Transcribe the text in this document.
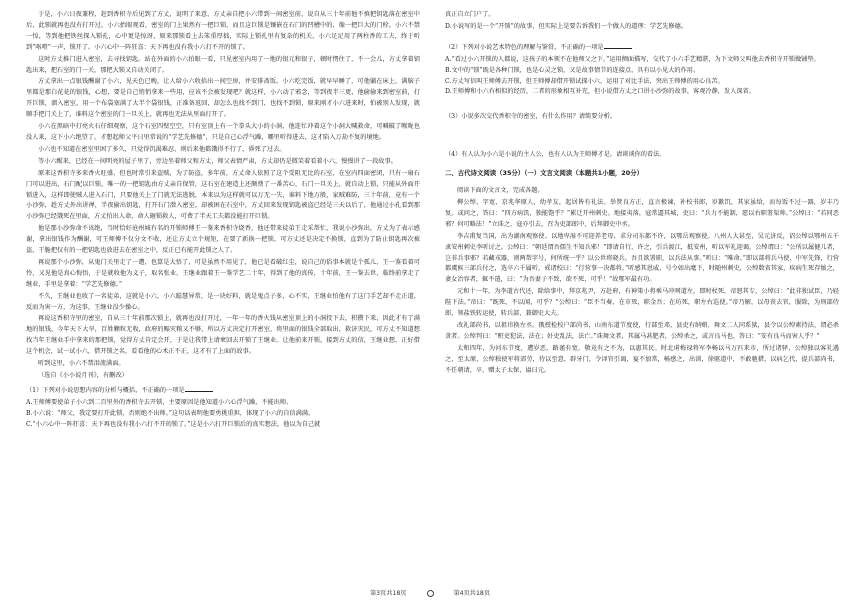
于是，小六日夜兼程，赶到香积寺后见到了方丈，说明了来意，方丈亲自把小六带到一间密室前，说自从三十年前他不慎把钥匙落在密室中后，此锁就再也没有打开过。小六抬眼观看，密室的门上果然有一把巨锁，而且这巨锁是镶嵌在石门的凹槽中的，像一把巨大的门栓。小六不禁一惊，等到他把铁丝探入锁孔，心中更是惊讶，原来那锁看上去笨重厚拙，实际上锁孔里有复杂的机关，小六足足用了两柱香的工夫，终于听到“咯噔”一声，锁开了。小六心中一阵狂喜：天下再也没有我小六打不开的锁了。

这时方丈推门进入密室，去寻找钥匙。站在外面的小六拍眼一看，只见密室内用了一地的银元和银子，顿时愣住了，不一会儿，方丈拿着钥匙出来，把石室的门一关，那把大锁又自动关闭了。

方丈拿出一点银钱酬谢了小六，见天色已晚，让人给小六收拾出一间空房，并安排斋饭。小六吃完饭，就早早睡了，可他躺在床上，满脑子里都是那白花花的银钱，心想，要是自己悄悄拿来一些用，应该不会被发现吧？就这样，小六动了邪念，等到夜半三更，他偷偷来到密室前，打开巨锁，溜入密室，用一个布袋塞满了大半个袋银钱，正准备返回，却怎么也找不到门，也找不到锁，原来刚才小六进来时，怕被别人发现，就顺手把门关上了，谁料这个密室的门一旦关上，就再也无法从里面打开了。

小六在黑暗中打亮火石仔细观察，这个石室四壁空空，只有室顶上有一个拳头大小的小洞，他连忙冲着这个小洞大喊救命，可喊破了喉咙也没人来，这下小六绝望了，才想起师父平日里常说的“学艺先修德”，只是自己心浮气躁，哪里听得进去，这才陷入万劫不复的境地。

小六也不知道在密室里困了多久，只觉得饥渴难忍，则后来他都饿得不行了，昏死了过去。

等小六醒来，已经在一间明亮的屋子里了，旁边坐着师父和方丈，师父表情严肃，方丈却仍是微笑着看着小六，慢慢讲了一段故事。

原来这香积寺多来香火旺盛，但也时常引来盗贼，为了防盗，多年前，方丈命人依照了这个受阻无比的石室，在室内四面密闭，只有一扇石门可以进出，石门配以巨锁，唯一的一把钥匙由方丈亲自保管，这石室在建造上还颇费了一番苦心，石门一旦关上，就自动上锁，只能从外面开锁进入，这样即使贼人进入石门，只要他关上了门就无法逃脱，本来以为这样就可以万无一失，谁料下地万般，家贼难防，三十年前，竟有一个小沙弥，趁方丈外出讲禅，半夜偷出钥匙，打开石门潜入密室，却被困在石室中，方丈回来发现钥匙被盗已经是三天以后了，他通过小孔看到那小沙弥已经饿死在里面，方丈怕出人命，命人砸锁救人，可费了半天工夫都没能打开巨锁。

他是那小沙弥命不该绝，当时恰好沧州城有名的开锁师傅王一鉴来香积寺烧香，他还带来徒弟王走采帮忙，我说小沙弥出，方丈为了表示感谢，拿出银钱作为酬谢，可王师傅不仅分文不收，还让方丈立个规矩，在要了新换一把锁，可方丈还是决定不换锁，直到为了防止钥匙再次被盗，干脆把仅有的一把钥匙也放进去在密室之中，反正已有能开此锁之人了。

再说那个小沙弥，从鬼门关里走了一遭，也算是大悟了，可是虽然不用见了，他已是看破红尘，说自己的俗事本就是个孤儿，王一鉴看着可怜，又见他是真心悔悟，于是就收他为义子，取名张业，王继业跟着王一鉴学艺二十年，得到了他的真传，十年前，王一鉴去世，临终前拿走了继业，手里是拿着：“学艺先修德。”

不久，王继业也收了一名徒弟，这就是小六，小六聪慧异常，是一块好料，就是鬼点子多，心不实，王继业怕他有了这门手艺却不走正道，反而为害一方，为这事，王继业没少操心。

再说这香积寺里的密室，自从三十年前那次锁上，就再也没打开过，一年一年的香火钱从密室顶上的小洞投下去，积攒下来，因此才有了满地的银钱，今年天下大旱，百姓颗粒无收，政府的赈灾粮又不够，所以方丈决定打开密室，将里面的银钱全部取出，救济灾民，可方丈不知道想找当年王继业手中拿来的那把锁，觉得方丈肯定会开，于是让我带上请柬回去开锁了王继业。让他前来开锁，接到方丈的信，王继业想，正好借这个机会，试一试小六，借开锁之名，看看他的心术正不正，这才有了上面的故事。

听到这里，小六不禁泪流满面。

（选自《小小说月刊》，有删改）

（1）下列对小说思想内容的分析与概括，不正确的一项是

A.王师傅要使弟子小六到二百里外的香积寺去开锁，主要原因是他知道小六心浮气躁，不能出师。

B.小六说：“师父，我定要打开此锁，否则绝不出师。”这句话表明他要勇挑重担，体现了小六的自信满满。

C.“小六心中一阵狂喜：天下再也没有我小六打不开的锁了。”这是小六打开巨锁后的真实想法，他以为自己就

真正自立门户了。

D.小说写的是一个“开锁”的故事，但实际上是要告诉我们一个做人的道理：学艺先修德。

（2）下列对小说艺术特色的理解与鉴赏，不正确的一项是

A.“看过小六开锁的人都说，这孩子的本领不在他师父之下。”运用侧面描写，交代了小六手艺精湛，为下文师父叫他去香积寺开锁做铺垫。

B.文中的“锁”既是各种门锁，也是心灵之锁，又是故事情节的连接点，具有以小见大的作用。

C.方丈写信叫王师傅去开锁，但王师傅却借开锁试探小六，运用了对比手法，突出王师傅的用心良苦。

D.王师傅和小六有相似的经历，二者的形象相互补充，但小说借方丈之口讲小沙弥的故事，客观冷静，发人深省。

（3）小说多次交代香积寺的密室，有什么作用？请简要分析。

（4）有人认为小六是小说的主人公，也有人认为王师傅才是。请谈谈你的看法。

二、古代诗文阅读（35分）（一）文言文阅读（本题共1小题，20分）

阅读下面的文言文，完成各题。

柳公绰，字宽，京兆华原人，幼孝友，起居皆有礼法。举贤良方正，直言极谏，补校书郎，岁歉饥，其家虽给，而每饭不过一器，岁丰乃复。或问之，答曰：“四方病饥，独能饱乎？”累迁开州刺史。地接夷落，寇常逼其城，吏曰：“兵力不能制，愿以右职署渠帅。”公绰曰：“若同恶邪？何可略法！”立诛之，寇亦引去，召为吏部郎中，后拜御史中丞。

李吉甫复当国，出为湖南观察使。以地卑湿不可迎养老母，求分司东都不许，以鄂岳观察使。八州人大甚至，吴元济反，诏公绰以鄂州五千隶安州刺史李听讨之。公绰曰：“朝廷谓吾儒生不知兵邪！”即请自行，许之，引兵渡江，抵安州，听以军礼迎谒，公绰谓曰：“公所以属健儿者，岂非兵事邪？若藏戎器，则两帮字号，何所统一乎？以公世将晓兵，吾且欲署职，以兵法从事。”听曰：“唯命。”即以部将兵马使、中军先锋，行营都虞候三部兵付之，选卒六千属听，戒诸校曰：“行营事一决都将。”听感其恩威，号令如出麾下，时随州刺史，公绰数省其家，疾病生死存恤之，妻女冶容者，辄不遣，曰：“为吾妻子不致，欲不死，可乎！”故鄂军最有功。

元和十一年，为李道古代还，除给事中，拜京兆尹，方赴府，有神策小将乘马冲呵道左，即时杖死，帝怒其专，公绰曰：“此非独试臣，乃轻陛下法。”帝曰：“既死，不以闻，可乎？”公绰曰：“臣不当奏，在市死，职金吾；在坊死，职左右巡使。”帝乃解，以母丧去官，服除，为刑部侍郎，领盐铁转运使，转兵部，兼御史大夫。

改礼部尚书，以祖讳换左丞。俄授检校户部尚书，山南东道节度使，行部至邓，县吏有纳贿、舞文二人同系狱，县令以公绰素持法，谓必杀贪者。公绰判曰：“赃吏犯法，法在；奸吏乱法，法亡。”诛舞文者，其属马甚肥者，公绰杀之，或言良马也，答曰：“安有良马而害人乎？”

太和四年，为河东节度，遭岁恶，路谨有宽，敬竟有之不为，以惠其民。时北虏梅禄将军李畅以马万匹来市，所过诸驿，公绰独以客礼遇之，至太原，公绰独使军将郊劳，待以至意，辟牙门，令译官引谒，宴不加常，畅感之，出涕，徐驱道中，不敢驰猎，以病乞代，提兵部尚书，不任朝请，卒，赠太子太保，谥曰元。

第3页共18页	第4页共18页
